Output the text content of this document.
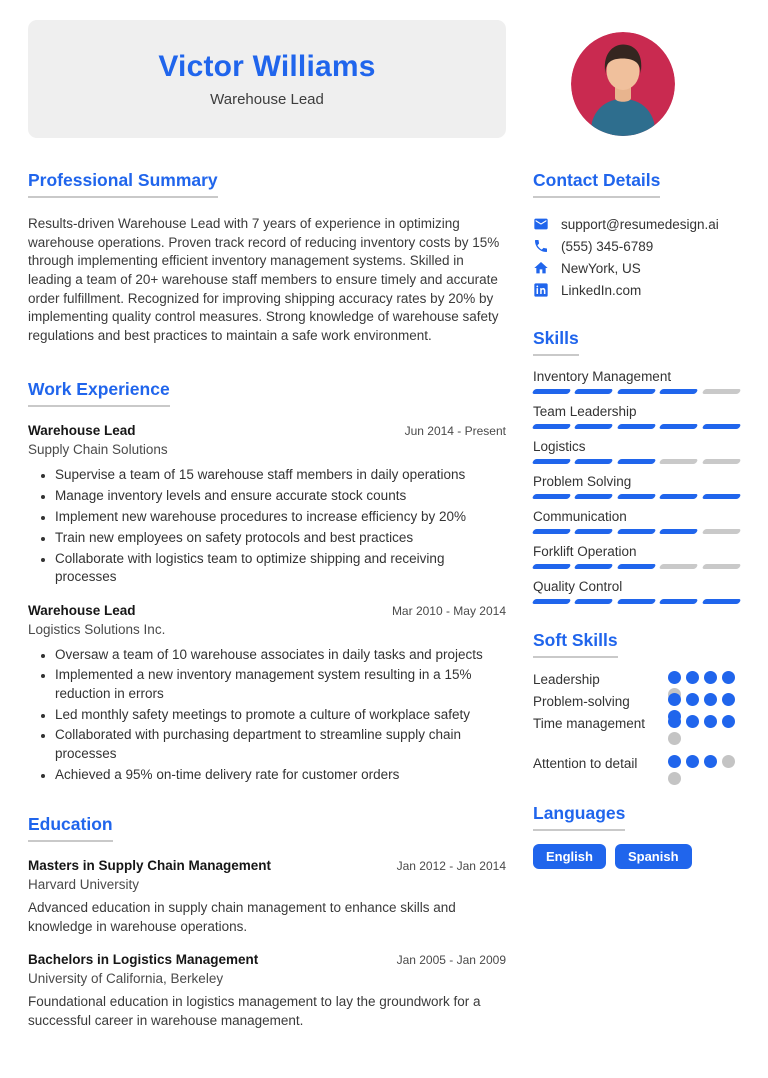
Victor Williams
Warehouse Lead
Professional Summary

Results-driven Warehouse Lead with 7 years of experience in optimizing warehouse operations. Proven track record of reducing inventory costs by 15% through implementing efficient inventory management systems. Skilled in leading a team of 20+ warehouse staff members to ensure timely and accurate order fulfillment. Recognized for improving shipping accuracy rates by 20% by implementing quality control measures. Strong knowledge of warehouse safety regulations and best practices to maintain a safe work environment.

Work Experience
Warehouse Lead	Jun 2014 - Present
Supply Chain Solutions
• Supervise a team of 15 warehouse staff members in daily operations
• Manage inventory levels and ensure accurate stock counts
• Implement new warehouse procedures to increase efficiency by 20%
• Train new employees on safety protocols and best practices
• Collaborate with logistics team to optimize shipping and receiving processes
Warehouse Lead	Mar 2010 - May 2014
Logistics Solutions Inc.
• Oversaw a team of 10 warehouse associates in daily tasks and projects
• Implemented a new inventory management system resulting in a 15% reduction in errors
• Led monthly safety meetings to promote a culture of workplace safety
• Collaborated with purchasing department to streamline supply chain processes
• Achieved a 95% on-time delivery rate for customer orders
Education
Masters in Supply Chain Management	Jan 2012 - Jan 2014
Harvard University

Advanced education in supply chain management to enhance skills and knowledge in warehouse operations.

Bachelors in Logistics Management	Jan 2005 - Jan 2009
University of California, Berkeley

Foundational education in logistics management to lay the groundwork for a successful career in warehouse management.

Contact Details
support@resumedesign.ai
(555) 345-6789
NewYork, US
LinkedIn.com
Skills
Inventory Management
Team Leadership
Logistics
Problem Solving
Communication
Forklift Operation
Quality Control
Soft Skills
Leadership
Problem-solving
Time management
Attention to detail
Languages
English	Spanish
